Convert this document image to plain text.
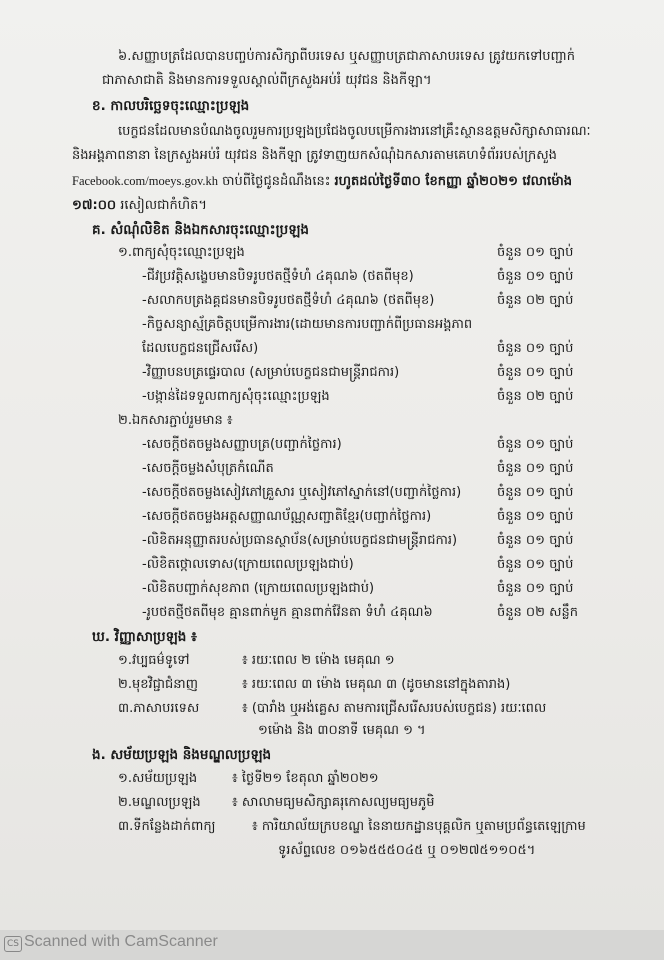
៦.សញ្ញាបត្រដែលបានបញ្ចប់ការសិក្សាពីបរទេស ឬសញ្ញាបត្រជាភាសាបរទេស ត្រូវយកទៅបញ្ជាក់
ជាភាសាជាតិ និងមានការទទួលស្គាល់ពីក្រសួងអប់រំ យុវជន និងកីឡា។
ខ. កាលបរិច្ឆេទចុះឈ្មោះប្រឡង
បេក្ខជនដែលមានបំណងចូលរួមការប្រឡងប្រជែងចូលបម្រើការងារនៅគ្រឹះស្ថានឧត្តមសិក្សាសាធារណៈ
និងអង្គភាពនានា នៃក្រសួងអប់រំ យុវជន និងកីឡា ត្រូវទាញយកសំណុំឯកសារតាមគេហទំព័ររបស់ក្រសួង
Facebook.com/moeys.gov.kh ចាប់ពីថ្ងៃជូនដំណឹងនេះ រហូតដល់ថ្ងៃទី៣០ ខែកញ្ញា ឆ្នាំ២០២១ វេលាម៉ោង
១៧:០០ រសៀលជាកំហិត។
គ. សំណុំលិខិត និងឯកសារចុះឈ្មោះប្រឡង
១.ពាក្យសុំចុះឈ្មោះប្រឡង	ចំនួន ០១ ច្បាប់
-ជីវប្រវត្តិសង្ខេបមានបិទរូបថតថ្មីទំហំ ៤គុណ៦ (ថតពីមុខ)	ចំនួន ០១ ច្បាប់
-សលាកបត្រងគ្គជនមានបិទរូបថតថ្មីទំហំ ៤គុណ៦ (ថតពីមុខ)	ចំនួន ០២ ច្បាប់
-កិច្ចសន្យាស្ម័គ្រចិត្តបម្រើការងារ(ដោយមានការបញ្ជាក់ពីប្រធានអង្គភាព
ដែលបេក្ខជនជ្រើសរើស)	ចំនួន ០១ ច្បាប់
-វិញ្ញាបនបត្រផ្ទេរបាល (សម្រាប់បេក្ខជនជាមន្ត្រីរាជការ)	ចំនួន ០១ ច្បាប់
-បង្កាន់ដៃទទួលពាក្យសុំចុះឈ្មោះប្រឡង	ចំនួន ០២ ច្បាប់
២.ឯកសារភ្ជាប់រួមមាន ៖
-សេចក្តីថតចម្លងសញ្ញាបត្រ(បញ្ជាក់ថ្លៃការ)	ចំនួន ០១ ច្បាប់
-សេចក្តីចម្លងសំបុត្រកំណើត	ចំនួន ០១ ច្បាប់
-សេចក្តីថតចម្លងសៀវភៅគ្រួសារ ឬសៀវភៅស្នាក់នៅ(បញ្ជាក់ថ្លៃការ)	ចំនួន ០១ ច្បាប់
-សេចក្តីថតចម្លងអត្តសញ្ញាណប័ណ្ណសញ្ជាតិខ្មែរ(បញ្ជាក់ថ្លៃការ)	ចំនួន ០១ ច្បាប់
-លិខិតអនុញ្ញាតរបស់ប្រធានស្ថាប័ន(សម្រាប់បេក្ខជនជាមន្ត្រីរាជការ)	ចំនួន ០១ ច្បាប់
-លិខិតថ្កោលទោស(ក្រោយពេលប្រឡងជាប់)	ចំនួន ០១ ច្បាប់
-លិខិតបញ្ជាក់សុខភាព (ក្រោយពេលប្រឡងជាប់)	ចំនួន ០១ ច្បាប់
-រូបថតថ្មីថតពីមុខ គ្មានពាក់មួក គ្មានពាក់វ៉ែនតា ទំហំ ៤គុណ៦	ចំនួន ០២ សន្លឹក
ឃ. វិញ្ញាសាប្រឡង ៖
១.វប្បធម៌ទូទៅ	៖ រយៈពេល ២ ម៉ោង មេគុណ ១
២.មុខវិជ្ជាជំនាញ	៖ រយៈពេល ៣ ម៉ោង មេគុណ ៣ (ដូចមាននៅក្នុងតារាង)
៣.ភាសាបរទេស	៖ (បារាំង ឬអង់គ្លេស តាមការជ្រើសរើសរបស់បេក្ខជន) រយៈពេល
១ម៉ោង និង ៣០នាទី មេគុណ ១ ។
ង. សម័យប្រឡង និងមណ្ឌលប្រឡង
១.សម័យប្រឡង	៖ ថ្ងៃទី២១ ខែតុលា ឆ្នាំ២០២១
២.មណ្ឌលប្រឡង ៖ សាលាមធ្យមសិក្សាគរុកោសល្យមធ្យមភូមិ
៣.ទីកន្លែងដាក់ពាក្យ	៖ ការិយាល័យក្របខណ្ឌ នៃនាយកដ្ឋានបុគ្គលិក ឬតាមប្រព័ន្ធតេឡេក្រាម
ទូរស័ព្ទលេខ ០១៦៥៥៥០៤៥ ឬ ០១២៧៥១១០៥។
CS Scanned with CamScanner
